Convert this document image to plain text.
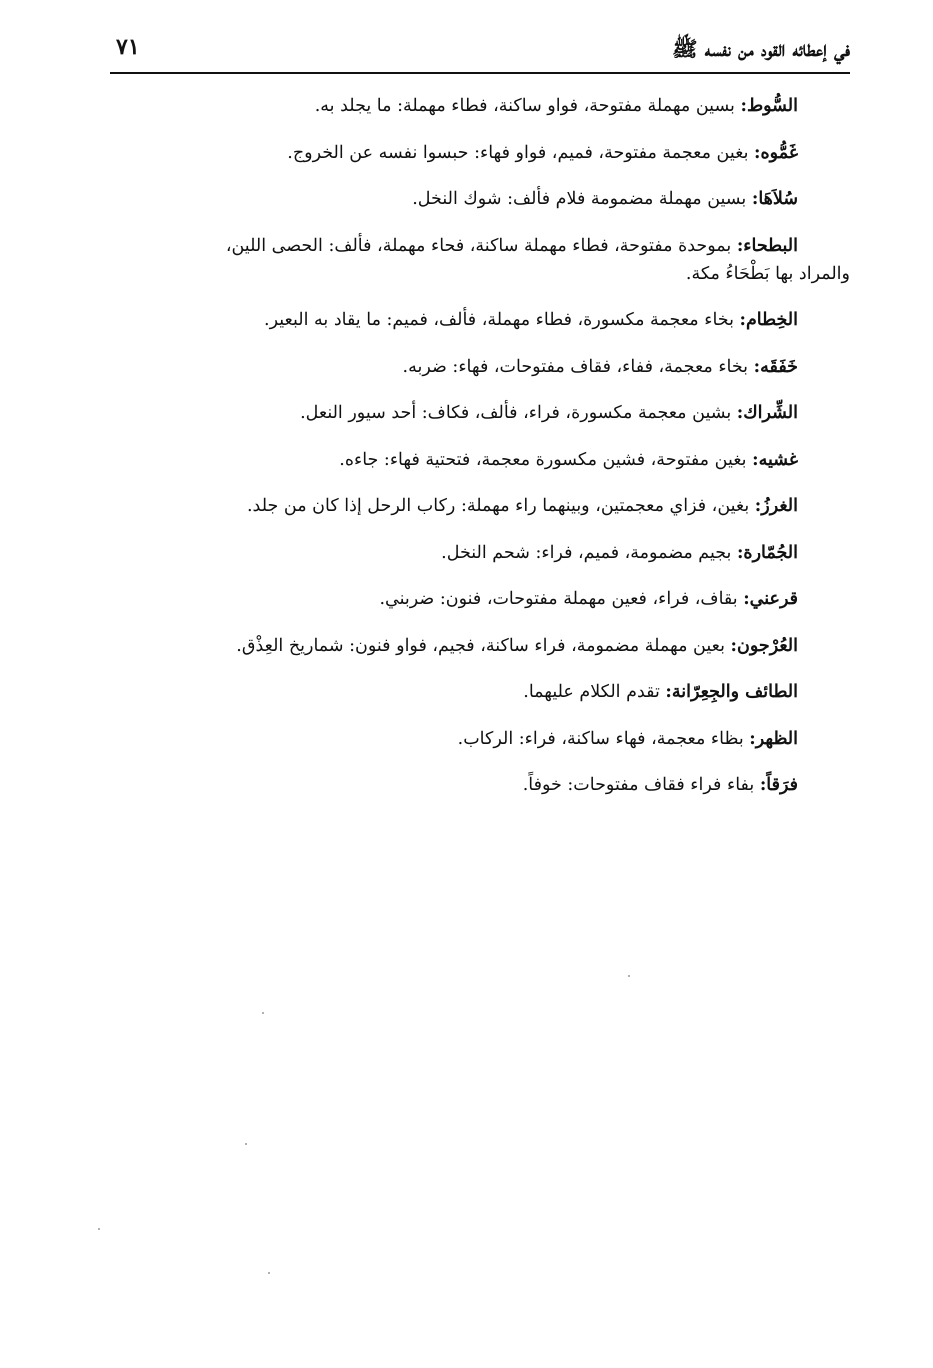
في إعطائه القود من نفسه ﷺ
٧١

السُّوط: بسين مهملة مفتوحة، فواو ساكنة، فطاء مهملة: ما يجلد به.

غَمُّوه: بغين معجمة مفتوحة، فميم، فواو فهاء: حبسوا نفسه عن الخروج.

سُلاَهَا: بسين مهملة مضمومة فلام فألف: شوك النخل.

البطحاء: بموحدة مفتوحة، فطاء مهملة ساكنة، فحاء مهملة، فألف: الحصى اللين،
والمراد بها بَطْحَاءُ مكة.

الخِطام: بخاء معجمة مكسورة، فطاء مهملة، فألف، فميم: ما يقاد به البعير.

خَفَقَه: بخاء معجمة، ففاء، فقاف مفتوحات، فهاء: ضربه.

الشِّراك: بشين معجمة مكسورة، فراء، فألف، فكاف: أحد سيور النعل.

غشيه: بغين مفتوحة، فشين مكسورة معجمة، فتحتية فهاء: جاءه.

الغرزُ: بغين، فزاي معجمتين، وبينهما راء مهملة: ركاب الرحل إذا كان من جلد.

الجُمّارة: بجيم مضمومة، فميم، فراء: شحم النخل.

قرعني: بقاف، فراء، فعين مهملة مفتوحات، فنون: ضربني.

العُرْجون: بعين مهملة مضمومة، فراء ساكنة، فجيم، فواو فنون: شماريخ العِذْق.

الطائف والجِعِرّانة: تقدم الكلام عليهما.

الظهر: بظاء معجمة، فهاء ساكنة، فراء: الركاب.

فرَقاً: بفاء فراء فقاف مفتوحات: خوفاً.
